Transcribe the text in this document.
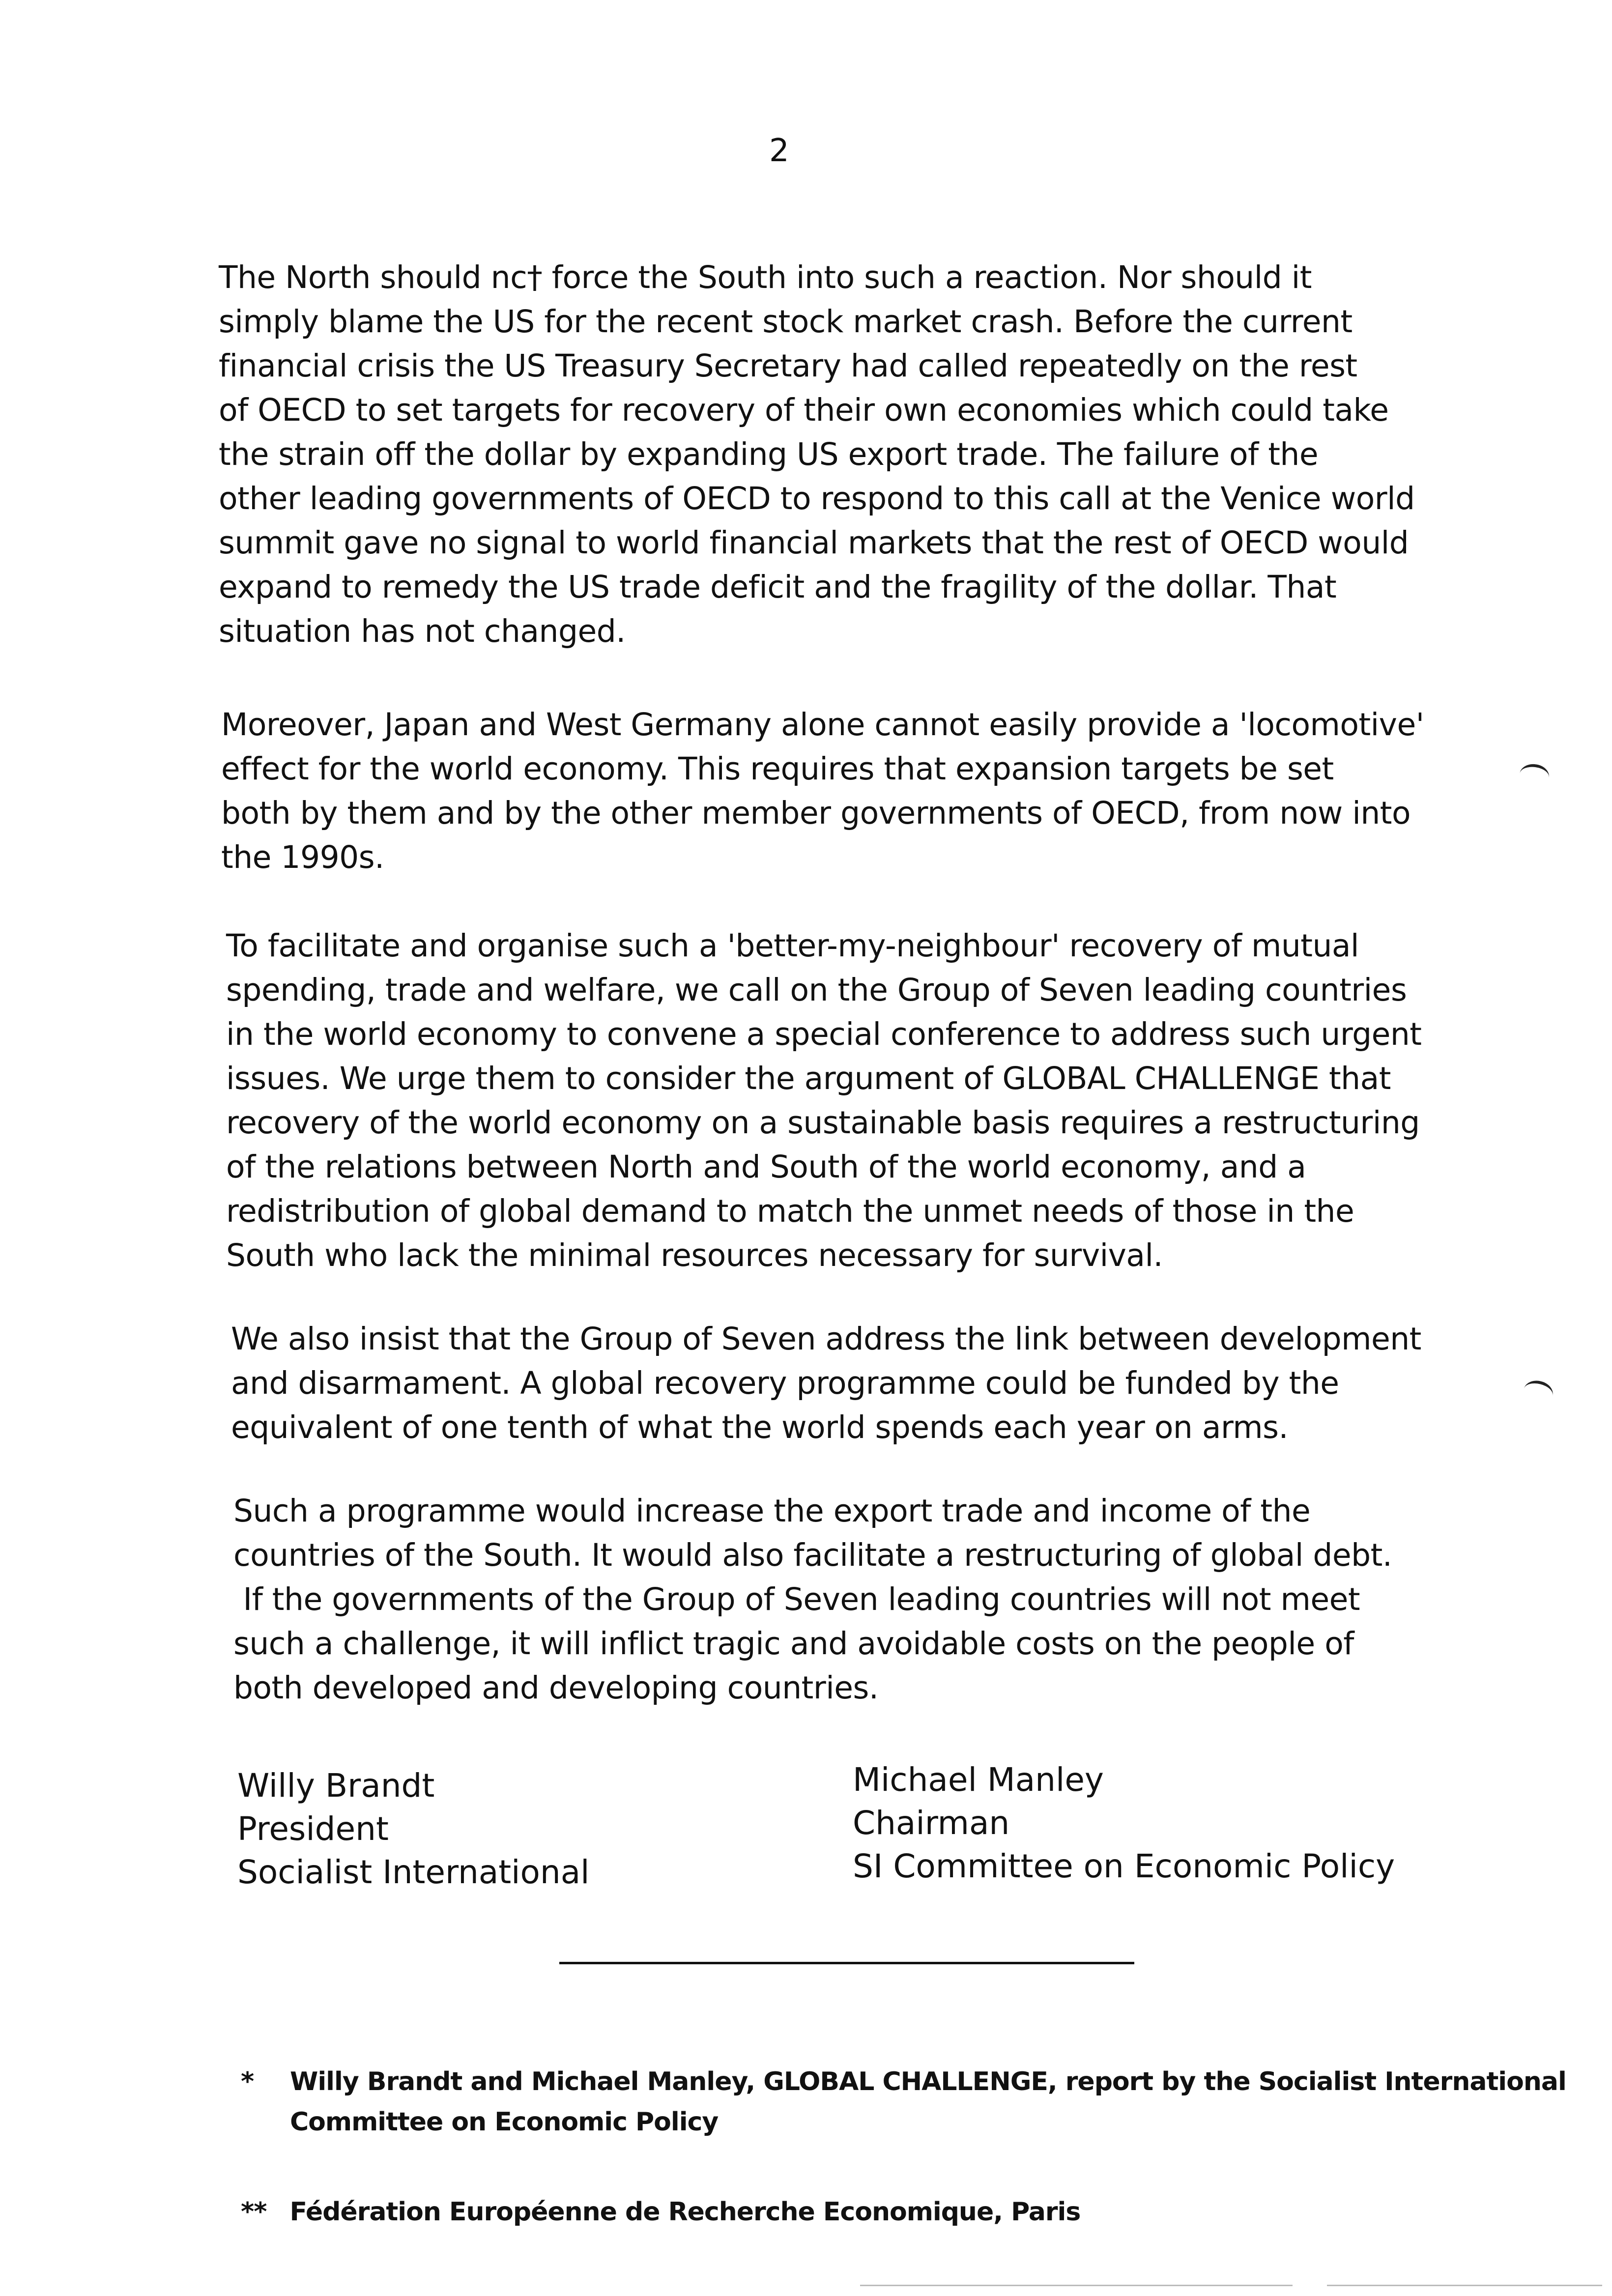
2

The North should nc† force the South into such a reaction. Nor should it
simply blame the US for the recent stock market crash. Before the current
financial crisis the US Treasury Secretary had called repeatedly on the rest
of OECD to set targets for recovery of their own economies which could take
the strain off the dollar by expanding US export trade. The failure of the
other leading governments of OECD to respond to this call at the Venice world
summit gave no signal to world financial markets that the rest of OECD would
expand to remedy the US trade deficit and the fragility of the dollar. That
situation has not changed.

Moreover, Japan and West Germany alone cannot easily provide a 'locomotive'
effect for the world economy. This requires that expansion targets be set
both by them and by the other member governments of OECD, from now into
the 1990s.

To facilitate and organise such a 'better-my-neighbour' recovery of mutual
spending, trade and welfare, we call on the Group of Seven leading countries
in the world economy to convene a special conference to address such urgent
issues. We urge them to consider the argument of GLOBAL CHALLENGE that
recovery of the world economy on a sustainable basis requires a restructuring
of the relations between North and South of the world economy, and a
redistribution of global demand to match the unmet needs of those in the
South who lack the minimal resources necessary for survival.

We also insist that the Group of Seven address the link between development
and disarmament. A global recovery programme could be funded by the
equivalent of one tenth of what the world spends each year on arms.

Such a programme would increase the export trade and income of the
countries of the South. It would also facilitate a restructuring of global debt.
If the governments of the Group of Seven leading countries will not meet
such a challenge, it will inflict tragic and avoidable costs on the people of
both developed and developing countries.

Willy Brandt
President
Socialist International
Michael Manley
Chairman
SI Committee on Economic Policy
* Willy Brandt and Michael Manley, GLOBAL CHALLENGE, report by the Socialist International
Committee on Economic Policy
** Fédération Européenne de Recherche Economique, Paris
